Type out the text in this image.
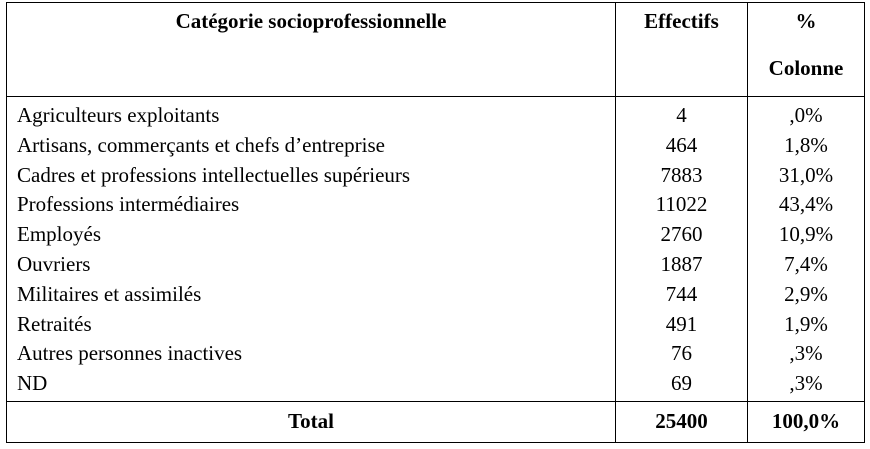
Catégorie socioprofessionnelle	Effectifs	%
Colonne

Agriculteurs exploitants	4	,0%
Artisans, commerçants et chefs d’entreprise	464	1,8%
Cadres et professions intellectuelles supérieurs	7883	31,0%
Professions intermédiaires	11022	43,4%
Employés	2760	10,9%
Ouvriers	1887	7,4%
Militaires et assimilés	744	2,9%
Retraités	491	1,9%
Autres personnes inactives	76	,3%
ND	69	,3%
Total	25400	100,0%
